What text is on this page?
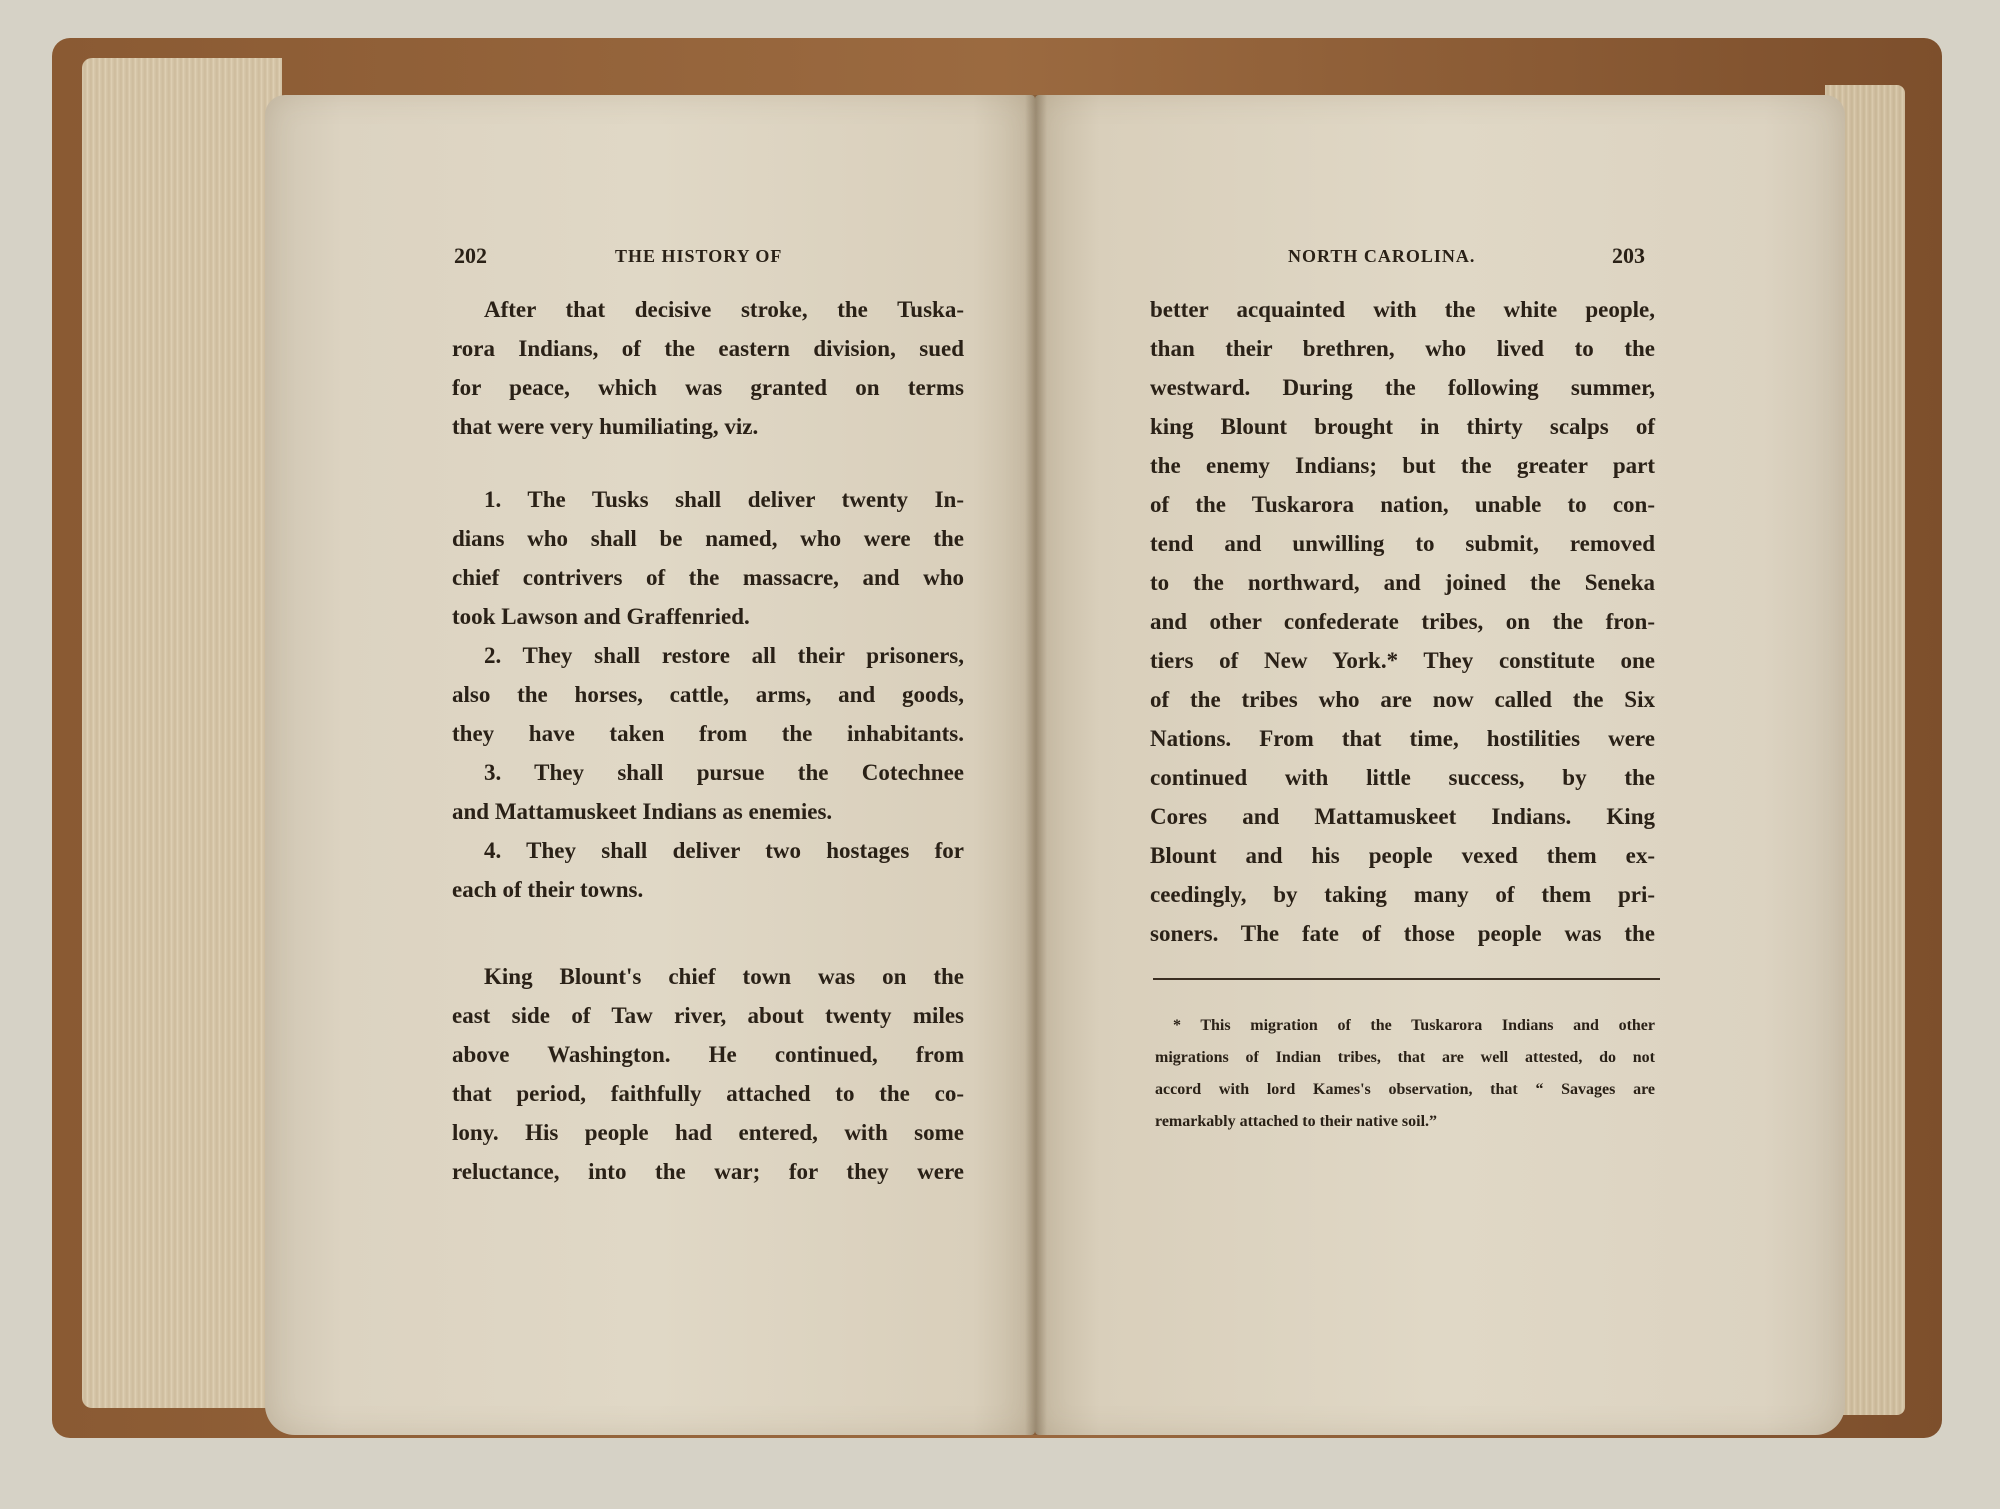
202	THE HISTORY OF
After that decisive stroke, the Tuska-
rora Indians, of the eastern division, sued
for peace, which was granted on terms
that were very humiliating, viz.
1. The Tusks shall deliver twenty In-
dians who shall be named, who were the
chief contrivers of the massacre, and who
took Lawson and Graffenried.
2. They shall restore all their prisoners,
also the horses, cattle, arms, and goods,
they have taken from the inhabitants.
3. They shall pursue the Cotechnee
and Mattamuskeet Indians as enemies.
4. They shall deliver two hostages for
each of their towns.
King Blount's chief town was on the
east side of Taw river, about twenty miles
above Washington. He continued, from
that period, faithfully attached to the co-
lony. His people had entered, with some
reluctance, into the war; for they were
NORTH CAROLINA.	203
better acquainted with the white people,
than their brethren, who lived to the
westward. During the following summer,
king Blount brought in thirty scalps of
the enemy Indians; but the greater part
of the Tuskarora nation, unable to con-
tend and unwilling to submit, removed
to the northward, and joined the Seneka
and other confederate tribes, on the fron-
tiers of New York.* They constitute one
of the tribes who are now called the Six
Nations. From that time, hostilities were
continued with little success, by the
Cores and Mattamuskeet Indians. King
Blount and his people vexed them ex-
ceedingly, by taking many of them pri-
soners. The fate of those people was the
* This migration of the Tuskarora Indians and other
migrations of Indian tribes, that are well attested, do not
accord with lord Kames's observation, that “ Savages are
remarkably attached to their native soil.”
